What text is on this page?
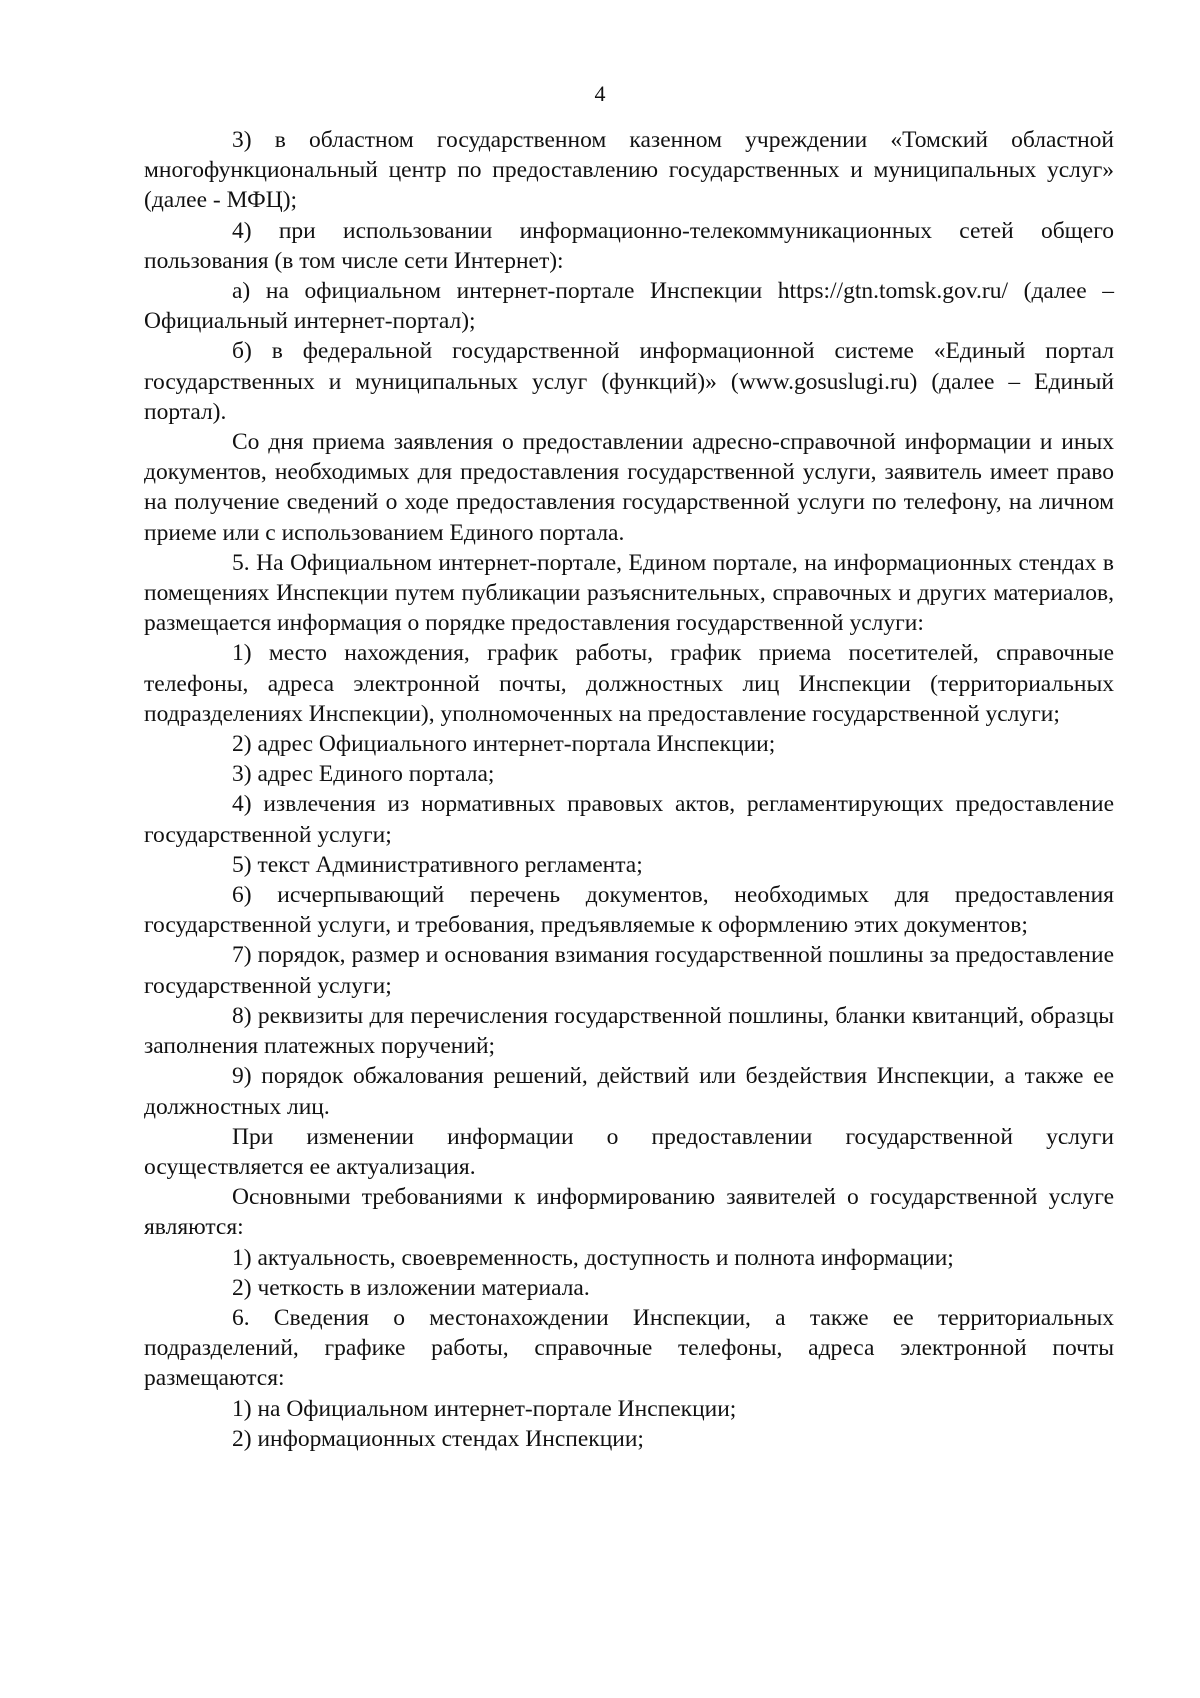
4

3) в областном государственном казенном учреждении «Томский областной многофункциональный центр по предоставлению государственных и муниципальных услуг» (далее - МФЦ);

4) при использовании информационно-телекоммуникационных сетей общего пользования (в том числе сети Интернет):

а) на официальном интернет-портале Инспекции https://gtn.tomsk.gov.ru/ (далее – Официальный интернет-портал);

б) в федеральной государственной информационной системе «Единый портал государственных и муниципальных услуг (функций)» (www.gosuslugi.ru) (далее – Единый портал).

Со дня приема заявления о предоставлении адресно-справочной информации и иных документов, необходимых для предоставления государственной услуги, заявитель имеет право на получение сведений о ходе предоставления государственной услуги по телефону, на личном приеме или с использованием Единого портала.

5. На Официальном интернет-портале, Едином портале, на информационных стендах в помещениях Инспекции путем публикации разъяснительных, справочных и других материалов, размещается информация о порядке предоставления государственной услуги:

1) место нахождения, график работы, график приема посетителей, справочные телефоны, адреса электронной почты, должностных лиц Инспекции (территориальных подразделениях Инспекции), уполномоченных на предоставление государственной услуги;

2) адрес Официального интернет-портала Инспекции;

3) адрес Единого портала;

4) извлечения из нормативных правовых актов, регламентирующих предоставление государственной услуги;

5) текст Административного регламента;

6) исчерпывающий перечень документов, необходимых для предоставления государственной услуги, и требования, предъявляемые к оформлению этих документов;

7) порядок, размер и основания взимания государственной пошлины за предоставление государственной услуги;

8) реквизиты для перечисления государственной пошлины, бланки квитанций, образцы заполнения платежных поручений;

9) порядок обжалования решений, действий или бездействия Инспекции, а также ее должностных лиц.

При изменении информации о предоставлении государственной услуги осуществляется ее актуализация.

Основными требованиями к информированию заявителей о государственной услуге являются:

1) актуальность, своевременность, доступность и полнота информации;

2) четкость в изложении материала.

6. Сведения о местонахождении Инспекции, а также ее территориальных подразделений, графике работы, справочные телефоны, адреса электронной почты размещаются:

1) на Официальном интернет-портале Инспекции;

2) информационных стендах Инспекции;
